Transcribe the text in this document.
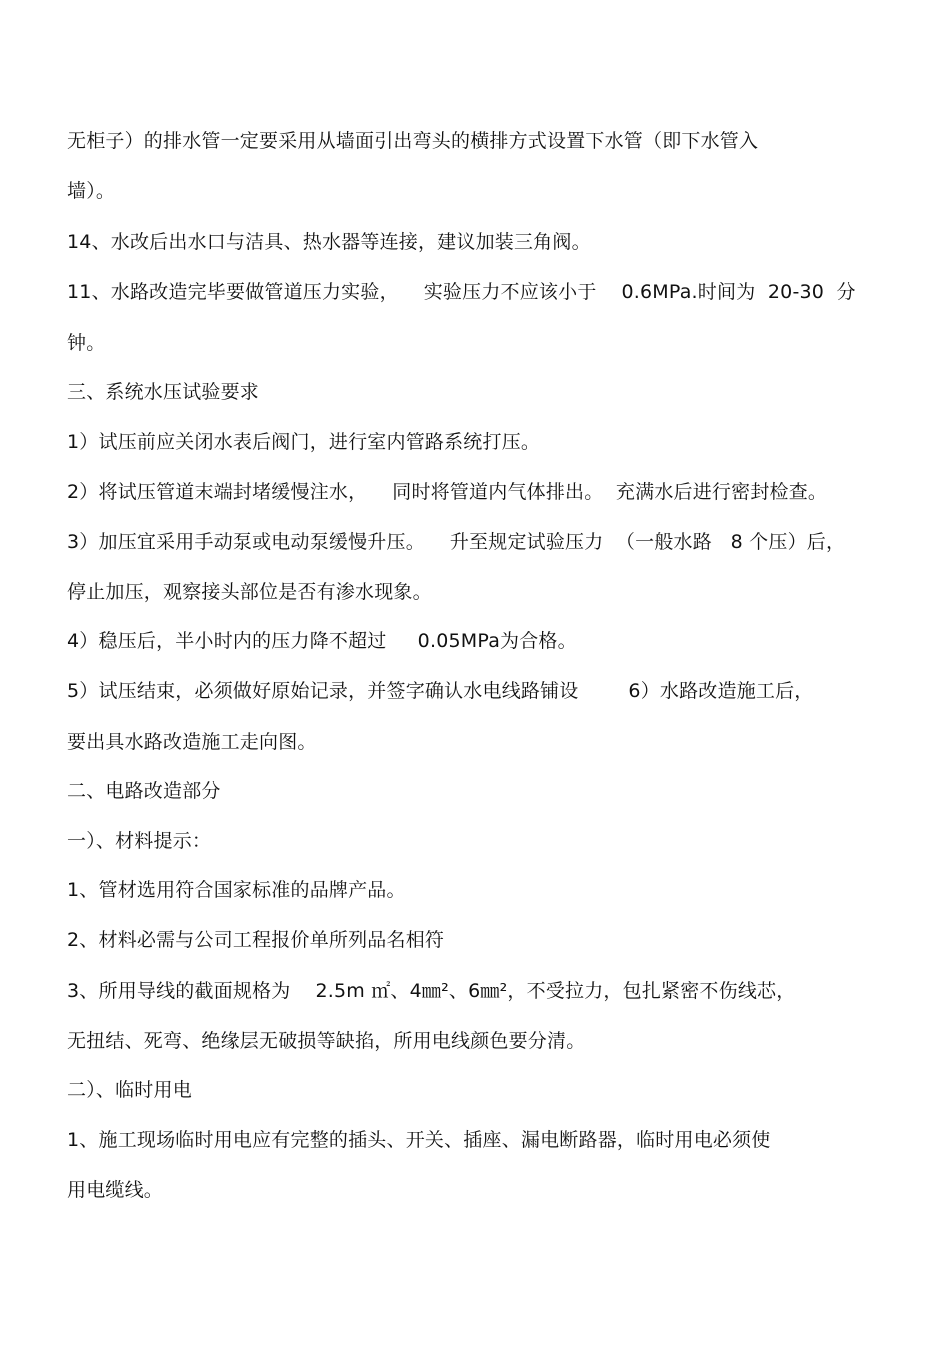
无柜子）的排水管一定要采用从墙面引出弯头的横排方式设置下水管（即下水管入
墙）。
14、水改后出水口与洁具、热水器等连接，建议加装三角阀。
11、水路改造完毕要做管道压力实验，    实验压力不应该小于    0.6MPa.时间为  20-30  分
钟。
三、系统水压试验要求
1）试压前应关闭水表后阀门，进行室内管路系统打压。
2）将试压管道末端封堵缓慢注水，    同时将管道内气体排出。  充满水后进行密封检查。
3）加压宜采用手动泵或电动泵缓慢升压。    升至规定试验压力  （一般水路   8 个压）后，
停止加压，观察接头部位是否有渗水现象。
4）稳压后，半小时内的压力降不超过     0.05MPa为合格。
5）试压结束，必须做好原始记录，并签字确认水电线路铺设        6）水路改造施工后，
要出具水路改造施工走向图。
二、电路改造部分
一）、材料提示：
1、管材选用符合国家标准的品牌产品。
2、材料必需与公司工程报价单所列品名相符
3、所用导线的截面规格为    2.5m ㎡、4㎜²、6㎜²，不受拉力，包扎紧密不伤线芯，
无扭结、死弯、绝缘层无破损等缺掐，所用电线颜色要分清。
二）、临时用电
1、施工现场临时用电应有完整的插头、开关、插座、漏电断路器，临时用电必须使
用电缆线。
